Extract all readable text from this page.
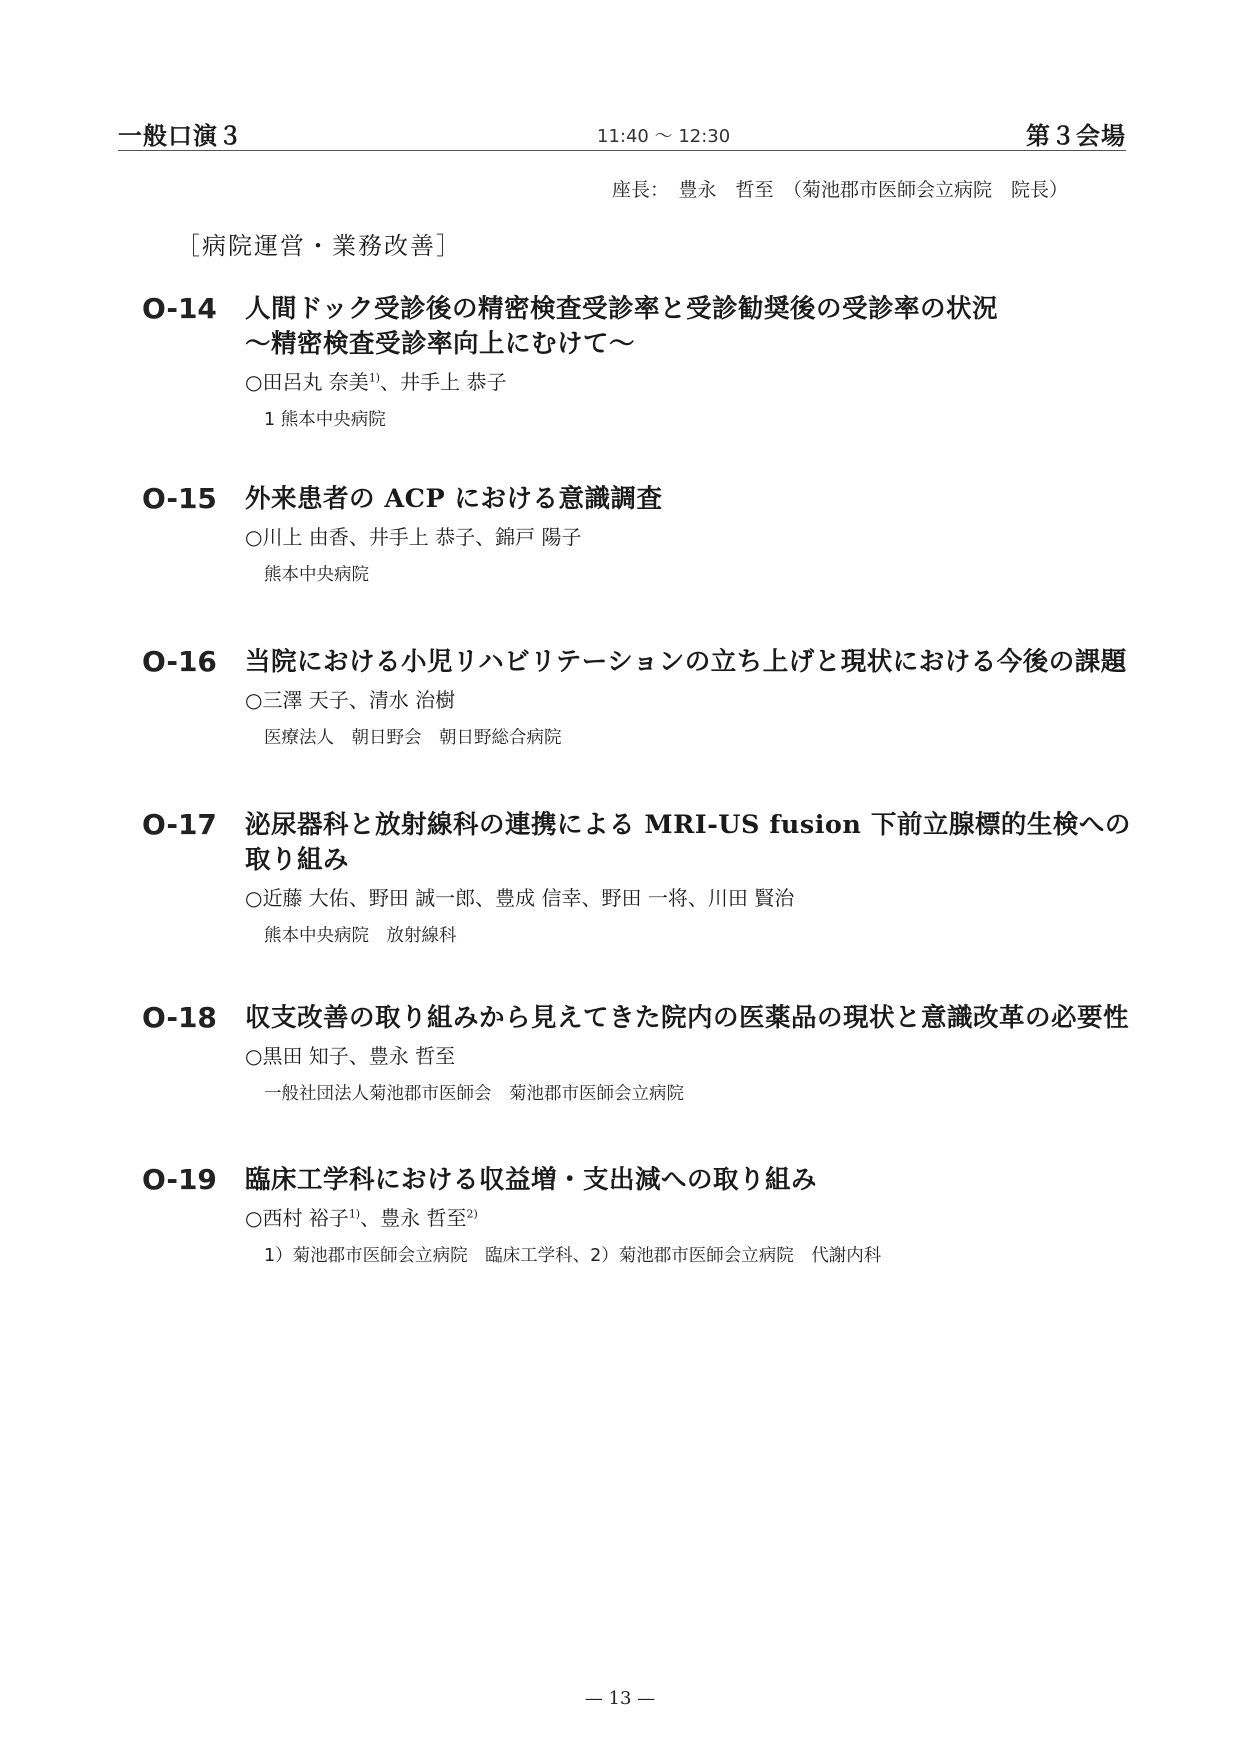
一般口演３	11:40 〜 12:30	第３会場
座長：　豊永　哲至　（菊池郡市医師会立病院　院長）
［病院運営・業務改善］
O-14 人間ドック受診後の精密検査受診率と受診勧奨後の受診率の状況
〜精密検査受診率向上にむけて〜
○田呂丸 奈美$^{1)}$、井手上 恭子
1 熊本中央病院
O-15 外来患者の ACP における意識調査
○川上 由香、井手上 恭子、錦戸 陽子
熊本中央病院
O-16 当院における小児リハビリテーションの立ち上げと現状における今後の課題
○三澤 天子、清水 治樹
医療法人　朝日野会　朝日野総合病院
O-17 泌尿器科と放射線科の連携による MRI-US fusion 下前立腺標的生検への
取り組み
○近藤 大佑、野田 誠一郎、豊成 信幸、野田 一将、川田 賢治
熊本中央病院　放射線科
O-18 収支改善の取り組みから見えてきた院内の医薬品の現状と意識改革の必要性
○黒田 知子、豊永 哲至
一般社団法人菊池郡市医師会　菊池郡市医師会立病院
O-19 臨床工学科における収益増・支出減への取り組み
○西村 裕子$^{1)}$、豊永 哲至$^{2)}$
1）菊池郡市医師会立病院　臨床工学科、2）菊池郡市医師会立病院　代謝内科
— 13 —
